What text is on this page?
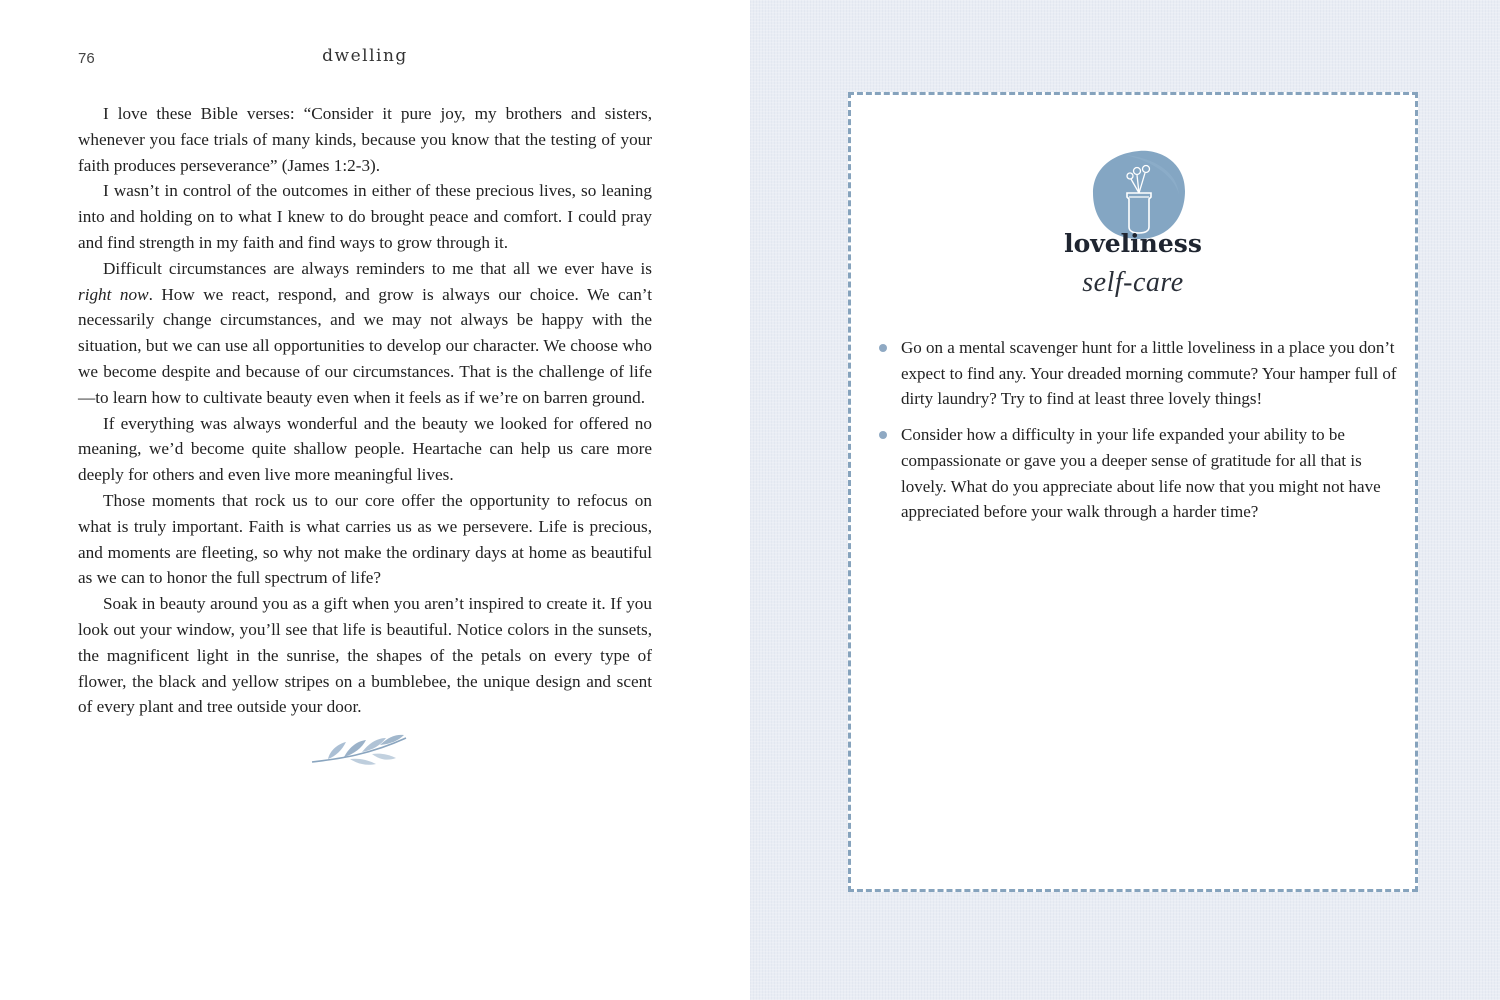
76	dwelling

I love these Bible verses: “Consider it pure joy, my brothers and sisters, whenever you face trials of many kinds, because you know that the testing of your faith produces perseverance” (James 1:2-3).

I wasn’t in control of the outcomes in either of these precious lives, so leaning into and holding on to what I knew to do brought peace and comfort. I could pray and find strength in my faith and find ways to grow through it.

Difficult circumstances are always reminders to me that all we ever have is right now. How we react, respond, and grow is always our choice. We can’t necessarily change circumstances, and we may not always be happy with the situation, but we can use all opportunities to develop our character. We choose who we become despite and because of our circumstances. That is the challenge of life—to learn how to cultivate beauty even when it feels as if we’re on barren ground.

If everything was always wonderful and the beauty we looked for offered no meaning, we’d become quite shallow people. Heartache can help us care more deeply for others and even live more meaningful lives.

Those moments that rock us to our core offer the opportunity to refocus on what is truly important. Faith is what carries us as we persevere. Life is precious, and moments are fleeting, so why not make the ordinary days at home as beautiful as we can to honor the full spectrum of life?

Soak in beauty around you as a gift when you aren’t inspired to create it. If you look out your window, you’ll see that life is beautiful. Notice colors in the sunsets, the magnificent light in the sunrise, the shapes of the petals on every type of flower, the black and yellow stripes on a bumblebee, the unique design and scent of every plant and tree outside your door.

loveliness
self-care
Go on a mental scavenger hunt for a little loveliness in a place you don’t expect to find any. Your dreaded morning commute? Your hamper full of dirty laundry? Try to find at least three lovely things!
Consider how a difficulty in your life expanded your ability to be compassionate or gave you a deeper sense of gratitude for all that is lovely. What do you appreciate about life now that you might not have appreciated before your walk through a harder time?
